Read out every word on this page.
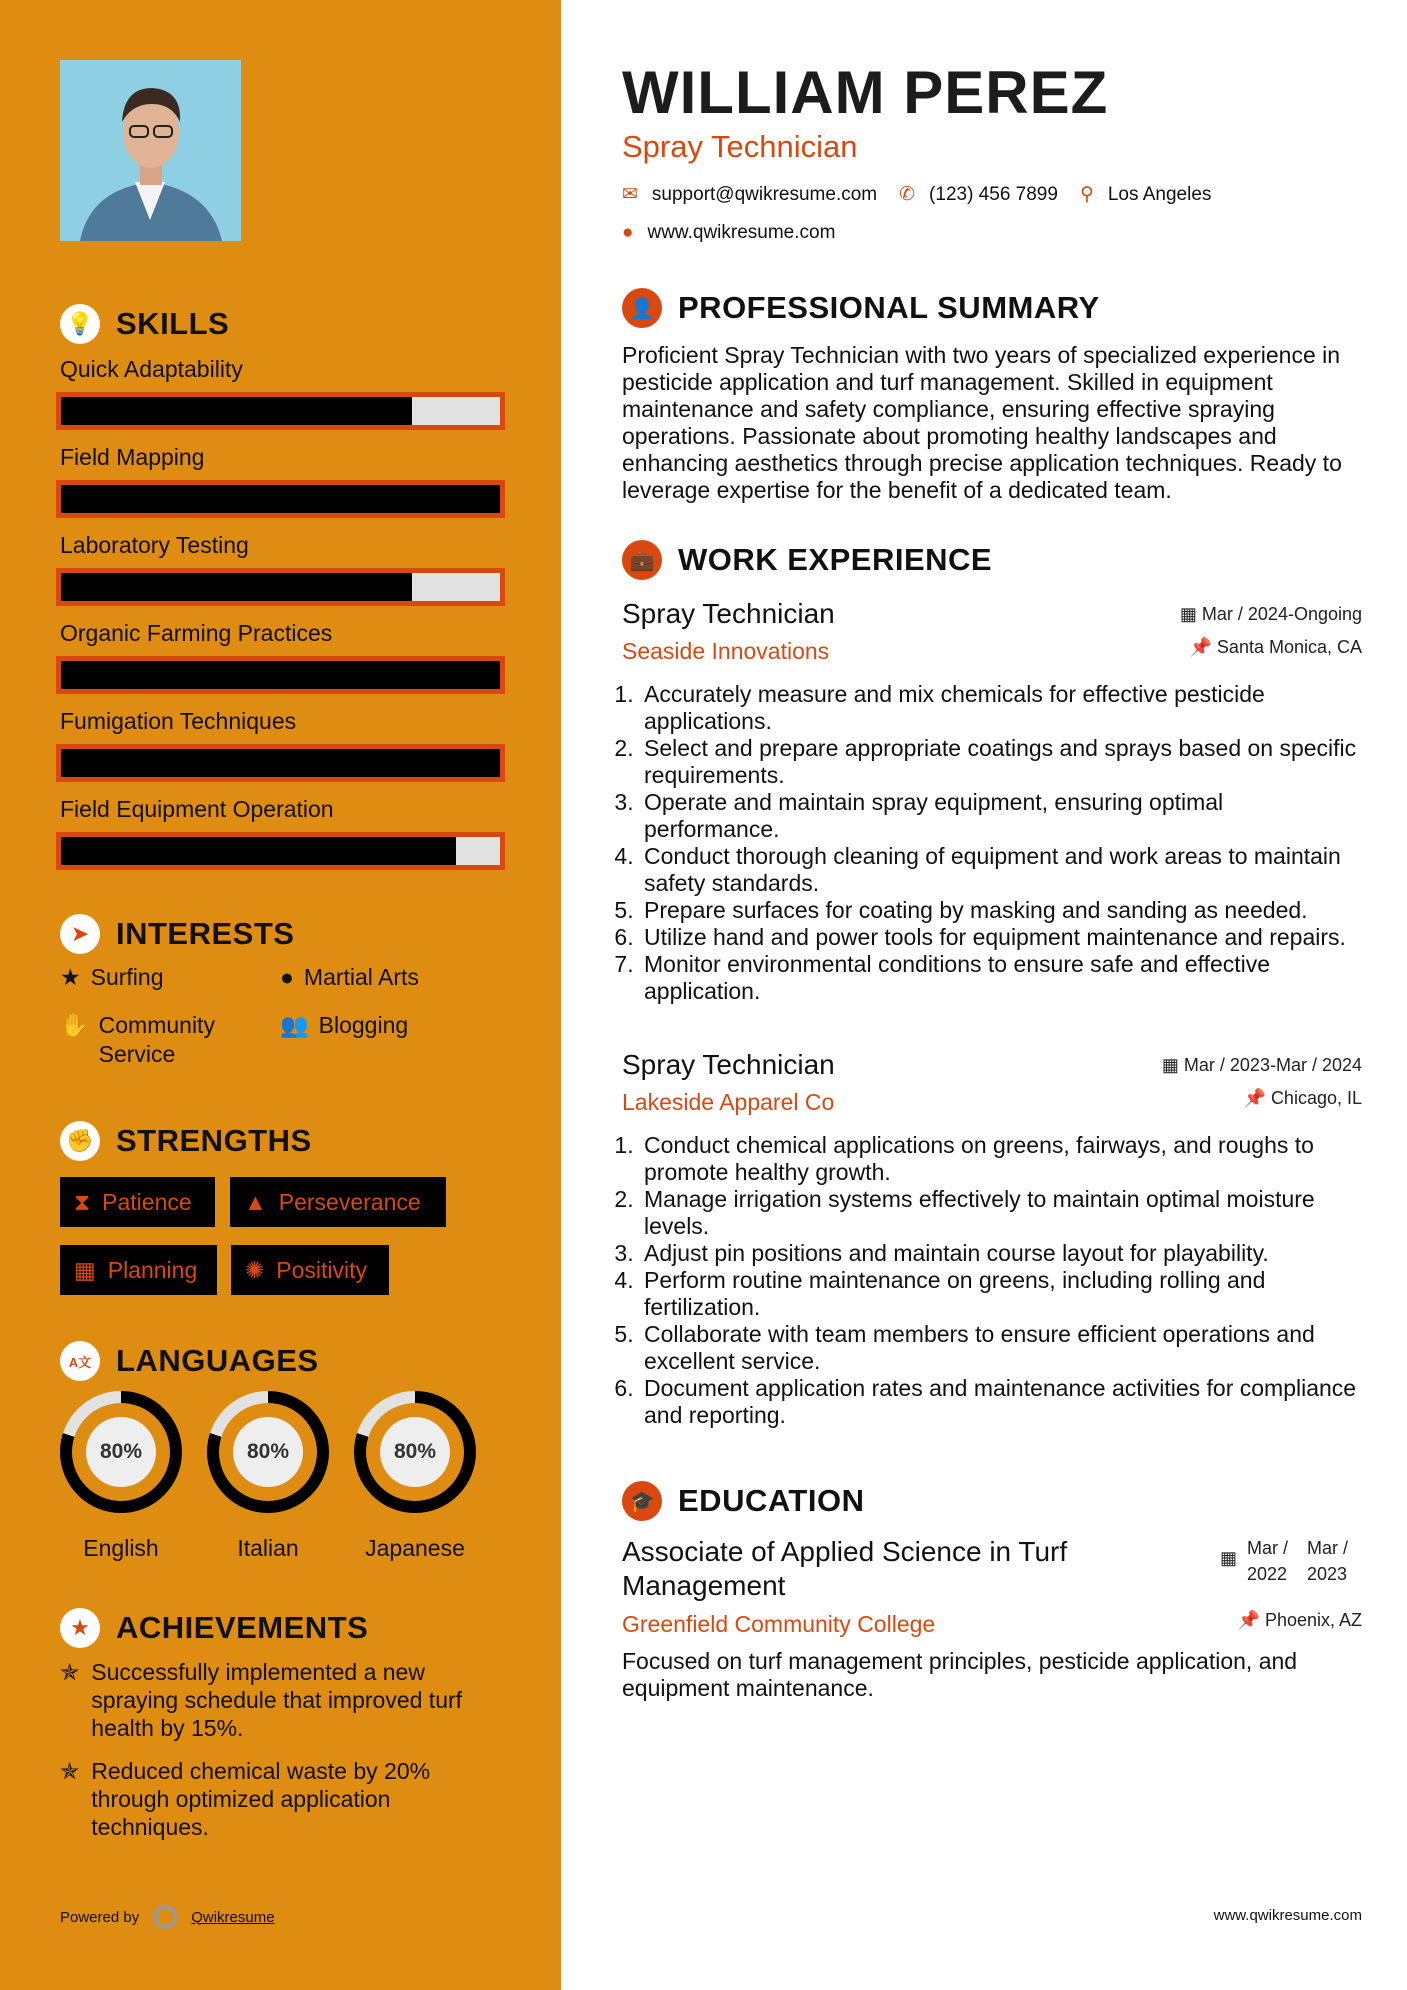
💡 SKILLS
Quick Adaptability
Field Mapping
Laboratory Testing
Organic Farming Practices
Fumigation Techniques
Field Equipment Operation
➤ INTERESTS
★ Surfing	● Martial Arts
✋ Community Service
👥 Blogging
✊ STRENGTHS
⧗ Patience ▲ Perseverance
▦ Planning ✺ Positivity
A文 LANGUAGES
80%
English
80%
Italian
80%
Japanese
★ ACHIEVEMENTS
✯ Successfully implemented a new spraying schedule that improved turf health by 15%.
✯ Reduced chemical waste by 20% through optimized application techniques.
Powered by	Qwikresume	www.qwikresume.com
WILLIAM PEREZ
Spray Technician
✉ support@qwikresume.com ✆ (123) 456 7899 ⚲ Los Angeles
● www.qwikresume.com
👤 PROFESSIONAL SUMMARY

Proficient Spray Technician with two years of specialized experience in pesticide application and turf management. Skilled in equipment maintenance and safety compliance, ensuring effective spraying operations. Passionate about promoting healthy landscapes and enhancing aesthetics through precise application techniques. Ready to leverage expertise for the benefit of a dedicated team.

💼 WORK EXPERIENCE
Spray Technician	▦ Mar / 2024-Ongoing
Seaside Innovations	📌 Santa Monica, CA
1. Accurately measure and mix chemicals for effective pesticide applications.
2. Select and prepare appropriate coatings and sprays based on specific requirements.
3. Operate and maintain spray equipment, ensuring optimal performance.
4. Conduct thorough cleaning of equipment and work areas to maintain safety standards.
5. Prepare surfaces for coating by masking and sanding as needed.
6. Utilize hand and power tools for equipment maintenance and repairs.
7. Monitor environmental conditions to ensure safe and effective application.
Spray Technician	▦ Mar / 2023-Mar / 2024
Lakeside Apparel Co	📌 Chicago, IL
1. Conduct chemical applications on greens, fairways, and roughs to promote healthy growth.
2. Manage irrigation systems effectively to maintain optimal moisture levels.
3. Adjust pin positions and maintain course layout for playability.
4. Perform routine maintenance on greens, including rolling and fertilization.
5. Collaborate with team members to ensure efficient operations and excellent service.
6. Document application rates and maintenance activities for compliance and reporting.
🎓 EDUCATION
Associate of Applied Science in Turf Management
▦ Mar / 2022
Mar / 2023
Greenfield Community College	📌 Phoenix, AZ

Focused on turf management principles, pesticide application, and equipment maintenance.
